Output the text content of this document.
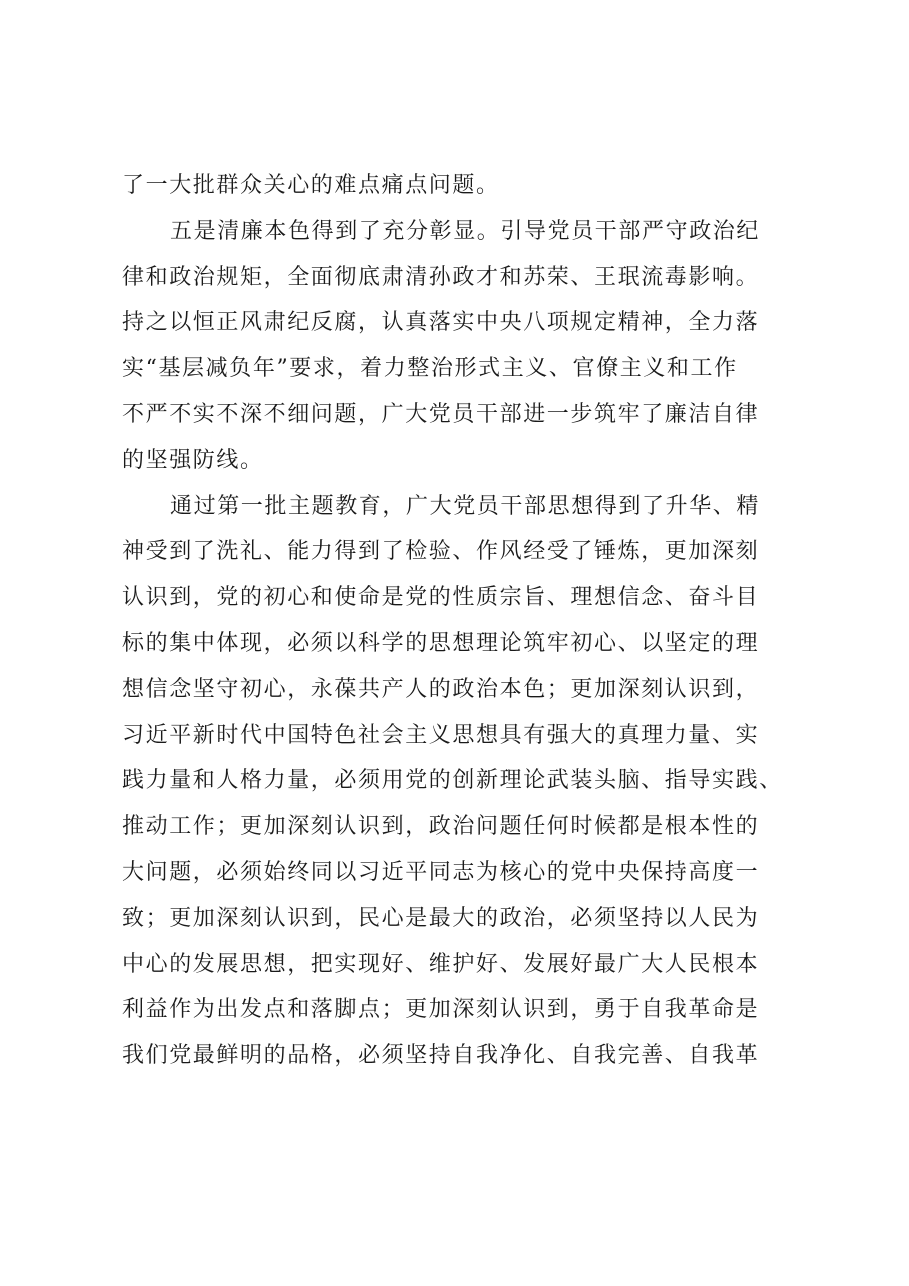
了一大批群众关心的难点痛点问题。
五是清廉本色得到了充分彰显。引导党员干部严守政治纪
律和政治规矩，全面彻底肃清孙政才和苏荣、王珉流毒影响。
持之以恒正风肃纪反腐，认真落实中央八项规定精神，全力落
实“基层减负年”要求，着力整治形式主义、官僚主义和工作
不严不实不深不细问题，广大党员干部进一步筑牢了廉洁自律
的坚强防线。
通过第一批主题教育，广大党员干部思想得到了升华、精
神受到了洗礼、能力得到了检验、作风经受了锤炼，更加深刻
认识到，党的初心和使命是党的性质宗旨、理想信念、奋斗目
标的集中体现，必须以科学的思想理论筑牢初心、以坚定的理
想信念坚守初心，永葆共产人的政治本色；更加深刻认识到，
习近平新时代中国特色社会主义思想具有强大的真理力量、实
践力量和人格力量，必须用党的创新理论武装头脑、指导实践、
推动工作；更加深刻认识到，政治问题任何时候都是根本性的
大问题，必须始终同以习近平同志为核心的党中央保持高度一
致；更加深刻认识到，民心是最大的政治，必须坚持以人民为
中心的发展思想，把实现好、维护好、发展好最广大人民根本
利益作为出发点和落脚点；更加深刻认识到，勇于自我革命是
我们党最鲜明的品格，必须坚持自我净化、自我完善、自我革
